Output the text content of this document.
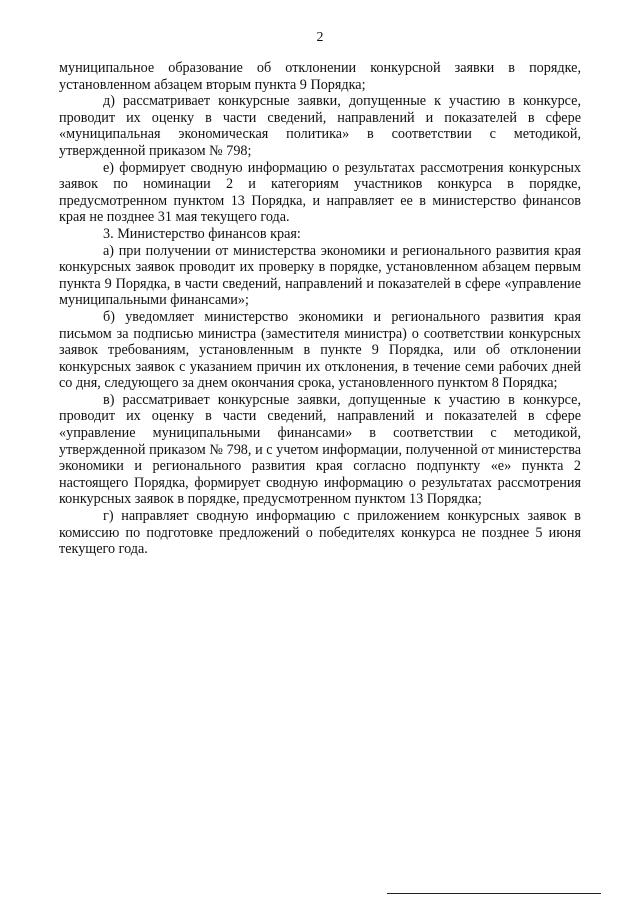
2

муниципальное образование об отклонении конкурсной заявки в порядке, установленном абзацем вторым пункта 9 Порядка;

д) рассматривает конкурсные заявки, допущенные к участию в конкурсе, проводит их оценку в части сведений, направлений и показателей в сфере «муниципальная экономическая политика» в соответствии с методикой, утвержденной приказом № 798;

е) формирует сводную информацию о результатах рассмотрения конкурсных заявок по номинации 2 и категориям участников конкурса в порядке, предусмотренном пунктом 13 Порядка, и направляет ее в министерство финансов края не позднее 31 мая текущего года.

3. Министерство финансов края:

а) при получении от министерства экономики и регионального развития края конкурсных заявок проводит их проверку в порядке, установленном абзацем первым пункта 9 Порядка, в части сведений, направлений и показателей в сфере «управление муниципальными финансами»;

б) уведомляет министерство экономики и регионального развития края письмом за подписью министра (заместителя министра) о соответствии конкурсных заявок требованиям, установленным в пункте 9 Порядка, или об отклонении конкурсных заявок с указанием причин их отклонения, в течение семи рабочих дней со дня, следующего за днем окончания срока, установленного пунктом 8 Порядка;

в) рассматривает конкурсные заявки, допущенные к участию в конкурсе, проводит их оценку в части сведений, направлений и показателей в сфере «управление муниципальными финансами» в соответствии с методикой, утвержденной приказом № 798, и с учетом информации, полученной от министерства экономики и регионального развития края согласно подпункту «е» пункта 2 настоящего Порядка, формирует сводную информацию о результатах рассмотрения конкурсных заявок в порядке, предусмотренном пунктом 13 Порядка;

г) направляет сводную информацию с приложением конкурсных заявок в комиссию по подготовке предложений о победителях конкурса не позднее 5 июня текущего года.
